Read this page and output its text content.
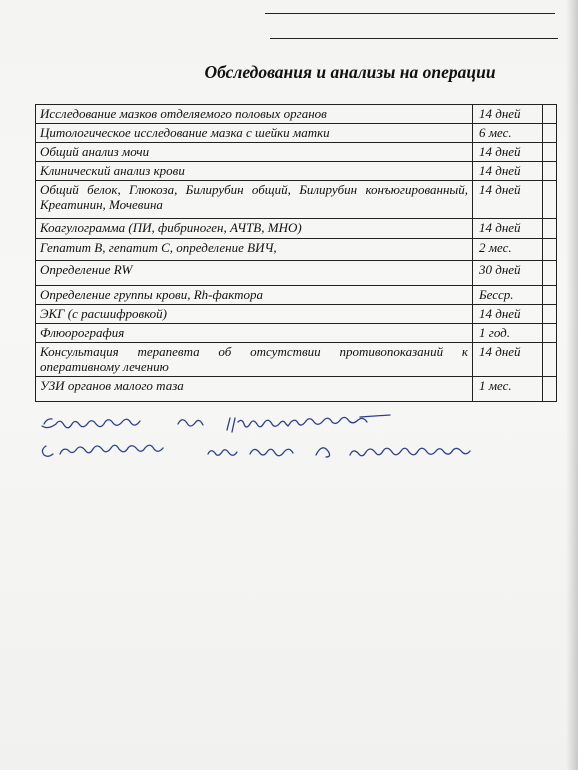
Обследования и анализы на операции
Исследование мазков отделяемого половых органов	14 дней	
Цитологическое исследование мазка с шейки матки	6 мес.	
Общий анализ мочи	14 дней	
Клинический анализ крови	14 дней	
Общий белок, Глюкоза, Билирубин общий, Билирубин конъюгированный, Креатинин, Мочевина	14 дней	
Коагулограмма (ПИ, фибриноген, АЧТВ, МНО)	14 дней	
Гепатит В, гепатит С, определение ВИЧ,	2 мес.	
Определение RW	30 дней	
Определение группы крови, Rh-фактора	Бесср.	
ЭКГ (с расшифровкой)	14 дней	
Флюорография	1 год.	
Консультация терапевта об отсутствии противопоказаний к оперативному лечению	14 дней	
УЗИ органов малого таза	1 мес.	
